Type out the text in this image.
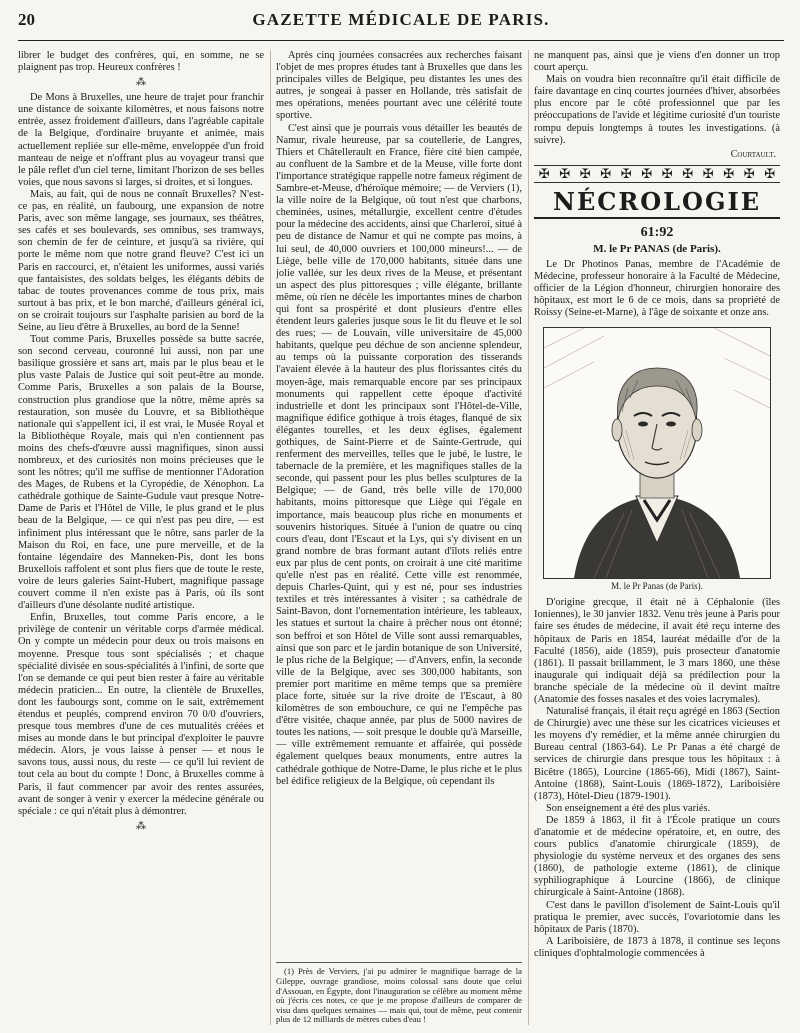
20	GAZETTE MÉDICALE DE PARIS.

librer le budget des confrères, qui, en somme, ne se plaignent pas trop. Heureux confrères !

⁂

De Mons à Bruxelles, une heure de trajet pour franchir une distance de soixante kilomètres, et nous faisons notre entrée, assez froidement d'ailleurs, dans l'agréable capitale de la Belgique, d'ordinaire bruyante et animée, mais actuellement repliée sur elle-même, enveloppée d'un froid manteau de neige et n'offrant plus au voyageur transi que le pâle reflet d'un ciel terne, limitant l'horizon de ses belles voies, que nous savons si larges, si droites, et si longues.

Mais, au fait, qui de nous ne connaît Bruxelles? N'est-ce pas, en réalité, un faubourg, une expansion de notre Paris, avec son même langage, ses journaux, ses théâtres, ses cafés et ses boulevards, ses omnibus, ses tramways, son chemin de fer de ceinture, et jusqu'à sa rivière, qui porte le même nom que notre grand fleuve? C'est ici un Paris en raccourci, et, n'étaient les uniformes, aussi variés que fantaisistes, des soldats belges, les élégants débits de tabac de toutes provenances comme de tous prix, mais surtout à bas prix, et le bon marché, d'ailleurs général ici, on se croirait toujours sur l'asphalte parisien au bord de la Seine, au lieu d'être à Bruxelles, au bord de la Senne!

Tout comme Paris, Bruxelles possède sa butte sacrée, son second cerveau, couronné lui aussi, non par une basilique grossière et sans art, mais par le plus beau et le plus vaste Palais de Justice qui soit peut-être au monde. Comme Paris, Bruxelles a son palais de la Bourse, construction plus grandiose que la nôtre, même après sa restauration, son musée du Louvre, et sa Bibliothèque nationale qui s'appellent ici, il est vrai, le Musée Royal et la Bibliothèque Royale, mais qui n'en contiennent pas moins des chefs-d'œuvre aussi magnifiques, sinon aussi nombreux, et des curiosités non moins précieuses que le sont les nôtres; qu'il me suffise de mentionner l'Adoration des Mages, de Rubens et la Cyropédie, de Xénophon. La cathédrale gothique de Sainte-Gudule vaut presque Notre-Dame de Paris et l'Hôtel de Ville, le plus grand et le plus beau de la Belgique, — ce qui n'est pas peu dire, — est infiniment plus intéressant que le nôtre, sans parler de la Maison du Roi, en face, une pure merveille, et de la fontaine légendaire des Manneken-Pis, dont les bons Bruxellois raffolent et sont plus fiers que de toute le reste, voire de leurs galeries Saint-Hubert, magnifique passage couvert comme il n'en existe pas à Paris, où ils sont d'ailleurs d'une désolante nudité artistique.

Enfin, Bruxelles, tout comme Paris encore, a le privilège de contenir un véritable corps d'armée médical. On y compte un médecin pour deux ou trois maisons en moyenne. Presque tous sont spécialisés ; et chaque spécialité divisée en sous-spécialités à l'infini, de sorte que l'on se demande ce qui peut bien rester à faire au véritable médecin praticien... En outre, la clientèle de Bruxelles, dont les faubourgs sont, comme on le sait, extrêmement étendus et peuplés, comprend environ 70 0/0 d'ouvriers, presque tous membres d'une de ces mutualités créées et mises au monde dans le but principal d'exploiter le pauvre médecin. Alors, je vous laisse à penser — et nous le savons tous, aussi nous, du reste — ce qu'il lui revient de tout cela au bout du compte ! Donc, à Bruxelles comme à Paris, il faut commencer par avoir des rentes assurées, avant de songer à venir y exercer la médecine générale ou spéciale : ce qui n'était plus à démontrer.

⁂

Après cinq journées consacrées aux recherches faisant l'objet de mes propres études tant à Bruxelles que dans les principales villes de Belgique, peu distantes les unes des autres, je songeai à passer en Hollande, très satisfait de mes opérations, menées pourtant avec une célérité toute sportive.

C'est ainsi que je pourrais vous détailler les beautés de Namur, rivale heureuse, par sa coutellerie, de Langres, Thiers et Châtellerault en France, fière cité bien campée, au confluent de la Sambre et de la Meuse, ville forte dont l'importance stratégique rappelle notre fameux régiment de Sambre-et-Meuse, d'héroïque mémoire; — de Verviers (1), la ville noire de la Belgique, où tout n'est que charbons, cheminées, usines, métallurgie, excellent centre d'études pour la médecine des accidents, ainsi que Charleroi, situé à peu de distance de Namur et qui ne compte pas moins, à lui seul, de 40,000 ouvriers et 100,000 mineurs!... — de Liège, belle ville de 170,000 habitants, située dans une jolie vallée, sur les deux rives de la Meuse, et présentant un aspect des plus pittoresques ; ville élégante, brillante même, où rien ne décèle les importantes mines de charbon qui font sa prospérité et dont plusieurs d'entre elles étendent leurs galeries jusque sous le lit du fleuve et le sol des rues; — de Louvain, ville universitaire de 45,000 habitants, quelque peu déchue de son ancienne splendeur, au temps où la puissante corporation des tisserands l'avaient élevée à la hauteur des plus florissantes cités du moyen-âge, mais remarquable encore par ses principaux monuments qui rappellent cette époque d'activité industrielle et dont les principaux sont l'Hôtel-de-Ville, magnifique édifice gothique à trois étages, flanqué de six élégantes tourelles, et les deux églises, également gothiques, de Saint-Pierre et de Sainte-Gertrude, qui renferment des merveilles, telles que le jubé, le lustre, le tabernacle de la première, et les magnifiques stalles de la seconde, qui passent pour les plus belles sculptures de la Belgique; — de Gand, très belle ville de 170,000 habitants, moins pittoresque que Liège qui l'égale en importance, mais beaucoup plus riche en monuments et souvenirs historiques. Située à l'union de quatre ou cinq cours d'eau, dont l'Escaut et la Lys, qui s'y divisent en un grand nombre de bras formant autant d'îlots reliés entre eux par plus de cent ponts, on croirait à une cité maritime qu'elle n'est pas en réalité. Cette ville est renommée, depuis Charles-Quint, qui y est né, pour ses industries textiles et très intéressantes à visiter ; sa cathédrale de Saint-Bavon, dont l'ornementation intérieure, les tableaux, les statues et surtout la chaire à prêcher nous ont étonné; son beffroi et son Hôtel de Ville sont aussi remarquables, ainsi que son parc et le jardin botanique de son Université, le plus riche de la Belgique; — d'Anvers, enfin, la seconde ville de la Belgique, avec ses 300,000 habitants, son premier port maritime en même temps que sa première place forte, située sur la rive droite de l'Escaut, à 80 kilomètres de son embouchure, ce qui ne l'empêche pas d'être visitée, chaque année, par plus de 5000 navires de toutes les nations, — soit presque le double qu'à Marseille, — ville extrêmement remuante et affairée, qui possède également quelques beaux monuments, entre autres la cathédrale gothique de Notre-Dame, le plus riche et le plus bel édifice religieux de la Belgique, où cependant ils

(1) Près de Verviers, j'ai pu admirer le magnifique barrage de la Gileppe, ouvrage grandiose, moins colossal sans doute que celui d'Assouan, en Égypte, dont l'inauguration se célèbre au moment même où j'écris ces notes, ce que je me propose d'ailleurs de comparer de visu dans quelques semaines — mais qui, tout de même, peut contenir plus de 12 milliards de mètres cubes d'eau !

ne manquent pas, ainsi que je viens d'en donner un trop court aperçu.

Mais on voudra bien reconnaître qu'il était difficile de faire davantage en cinq courtes journées d'hiver, absorbées plus encore par le côté professionnel que par les préoccupations de l'avide et légitime curiosité d'un touriste rompu depuis longtemps à toutes les investigations. (à suivre).

Courtault.
✠ ✠ ✠ ✠ ✠ ✠ ✠ ✠ ✠ ✠ ✠ ✠
NÉCROLOGIE
61:92
M. le Pr PANAS (de Paris).

Le Dr Photinos Panas, membre de l'Académie de Médecine, professeur honoraire à la Faculté de Médecine, officier de la Légion d'honneur, chirurgien honoraire des hôpitaux, est mort le 6 de ce mois, dans sa propriété de Roissy (Seine-et-Marne), à l'âge de soixante et onze ans.

M. le Pr Panas (de Paris).

D'origine grecque, il était né à Céphalonie (îles Ioniennes), le 30 janvier 1832. Venu très jeune à Paris pour faire ses études de médecine, il avait été reçu interne des hôpitaux de Paris en 1854, lauréat médaille d'or de la Faculté (1856), aide (1859), puis prosecteur d'anatomie (1861). Il passait brillamment, le 3 mars 1860, une thèse inaugurale qui indiquait déjà sa prédilection pour la branche spéciale de la médecine où il devint maître (Anatomie des fosses nasales et des voies lacrymales).

Naturalisé français, il était reçu agrégé en 1863 (Section de Chirurgie) avec une thèse sur les cicatrices vicieuses et les moyens d'y remédier, et la même année chirurgien du Bureau central (1863-64). Le Pr Panas a été chargé de services de chirurgie dans presque tous les hôpitaux : à Bicêtre (1865), Lourcine (1865-66), Midi (1867), Saint-Antoine (1868), Saint-Louis (1869-1872), Lariboisière (1873), Hôtel-Dieu (1879-1901).

Son enseignement a été des plus variés.

De 1859 à 1863, il fit à l'École pratique un cours d'anatomie et de médecine opératoire, et, en outre, des cours publics d'anatomie chirurgicale (1859), de physiologie du système nerveux et des organes des sens (1860), de pathologie externe (1861), de clinique syphiliographique à Lourcine (1866), de clinique chirurgicale à Saint-Antoine (1868).

C'est dans le pavillon d'isolement de Saint-Louis qu'il pratiqua le premier, avec succès, l'ovariotomie dans les hôpitaux de Paris (1870).

A Lariboisière, de 1873 à 1878, il continue ses leçons cliniques d'ophtalmologie commencées à
